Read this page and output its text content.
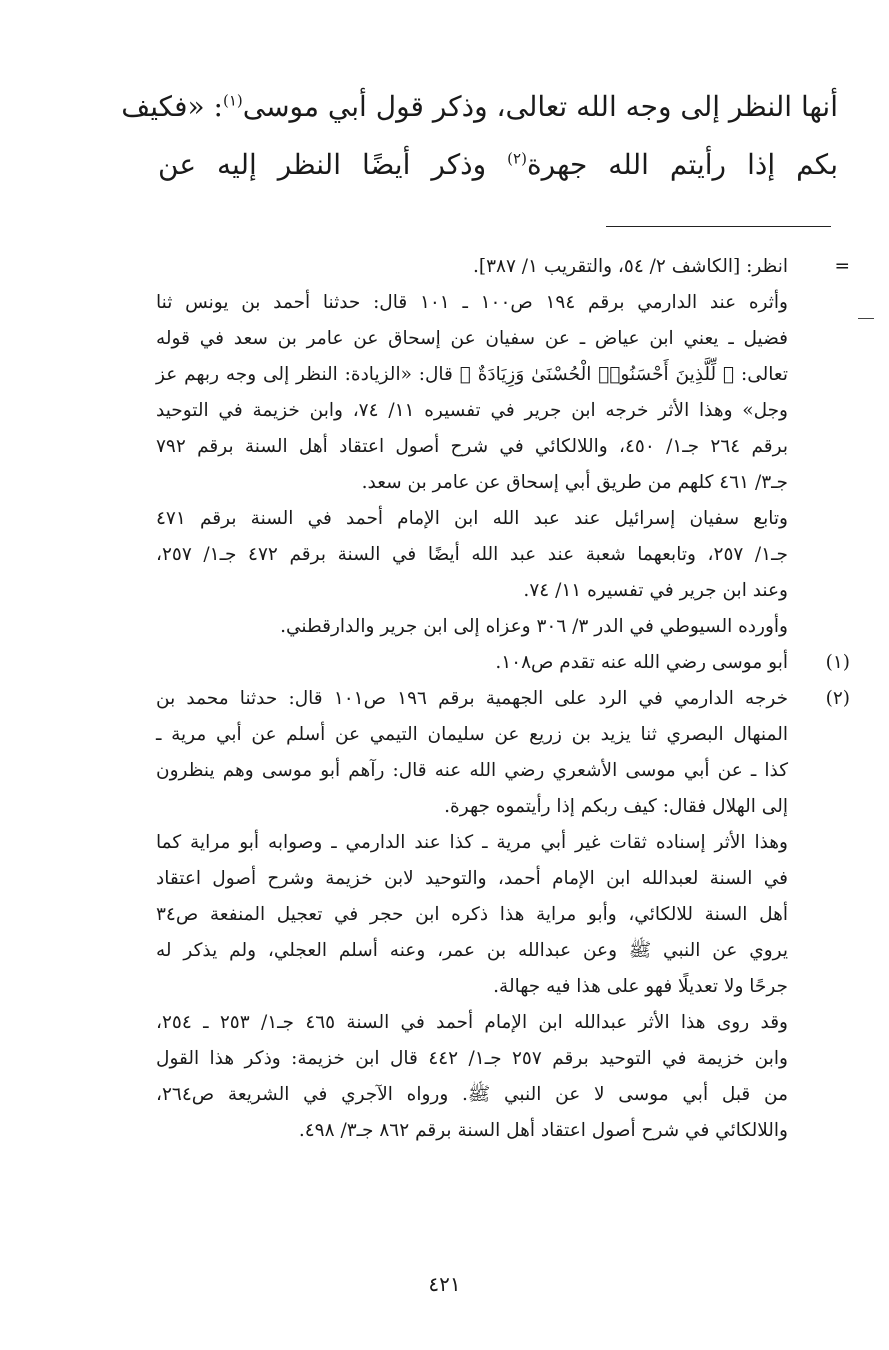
أنها النظر إلى وجه الله تعالى، وذكر قول أبي موسى$^{(١)}$: «فكيف
بكم إذا رأيتم الله جهرة$^{(٢)}$ وذكر أيضًا النظر إليه عن
=
انظر: [الكاشف ٢/ ٥٤، والتقريب ١/ ٣٨٧].
وأثره عند الدارمي برقم ١٩٤ ص١٠٠ ـ ١٠١ قال: حدثنا أحمد بن يونس ثنا
فضيل ـ يعني ابن عياض ـ عن سفيان عن إسحاق عن عامر بن سعد في قوله
تعالى: ﴿ لِّلَّذِينَ أَحْسَنُوا۟ الْحُسْنَىٰ وَزِيَادَةٌ ﴾ قال: «الزيادة: النظر إلى وجه ربهم عز
وجل» وهذا الأثر خرجه ابن جرير في تفسيره ١١/ ٧٤، وابن خزيمة في التوحيد
برقم ٢٦٤ جـ١/ ٤٥٠، واللالكائي في شرح أصول اعتقاد أهل السنة برقم ٧٩٢
جـ٣/ ٤٦١ كلهم من طريق أبي إسحاق عن عامر بن سعد.
وتابع سفيان إسرائيل عند عبد الله ابن الإمام أحمد في السنة برقم ٤٧١
جـ١/ ٢٥٧، وتابعهما شعبة عند عبد الله أيضًا في السنة برقم ٤٧٢ جـ١/ ٢٥٧،
وعند ابن جرير في تفسيره ١١/ ٧٤.
وأورده السيوطي في الدر ٣/ ٣٠٦ وعزاه إلى ابن جرير والدارقطني.
(١)
أبو موسى رضي الله عنه تقدم ص١٠٨.
(٢)
خرجه الدارمي في الرد على الجهمية برقم ١٩٦ ص١٠١ قال: حدثنا محمد بن
المنهال البصري ثنا يزيد بن زريع عن سليمان التيمي عن أسلم عن أبي مرية ـ
كذا ـ عن أبي موسى الأشعري رضي الله عنه قال: رآهم أبو موسى وهم ينظرون
إلى الهلال فقال: كيف ربكم إذا رأيتموه جهرة.
وهذا الأثر إسناده ثقات غير أبي مرية ـ كذا عند الدارمي ـ وصوابه أبو مراية كما
في السنة لعبدالله ابن الإمام أحمد، والتوحيد لابن خزيمة وشرح أصول اعتقاد
أهل السنة للالكائي، وأبو مراية هذا ذكره ابن حجر في تعجيل المنفعة ص٣٤
يروي عن النبي ﷺ وعن عبدالله بن عمر، وعنه أسلم العجلي، ولم يذكر له
جرحًا ولا تعديلًا فهو على هذا فيه جهالة.
وقد روى هذا الأثر عبدالله ابن الإمام أحمد في السنة ٤٦٥ جـ١/ ٢٥٣ ـ ٢٥٤،
وابن خزيمة في التوحيد برقم ٢٥٧ جـ١/ ٤٤٢ قال ابن خزيمة: وذكر هذا القول
من قبل أبي موسى لا عن النبي ﷺ. ورواه الآجري في الشريعة ص٢٦٤،
واللالكائي في شرح أصول اعتقاد أهل السنة برقم ٨٦٢ جـ٣/ ٤٩٨.
٤٢١
